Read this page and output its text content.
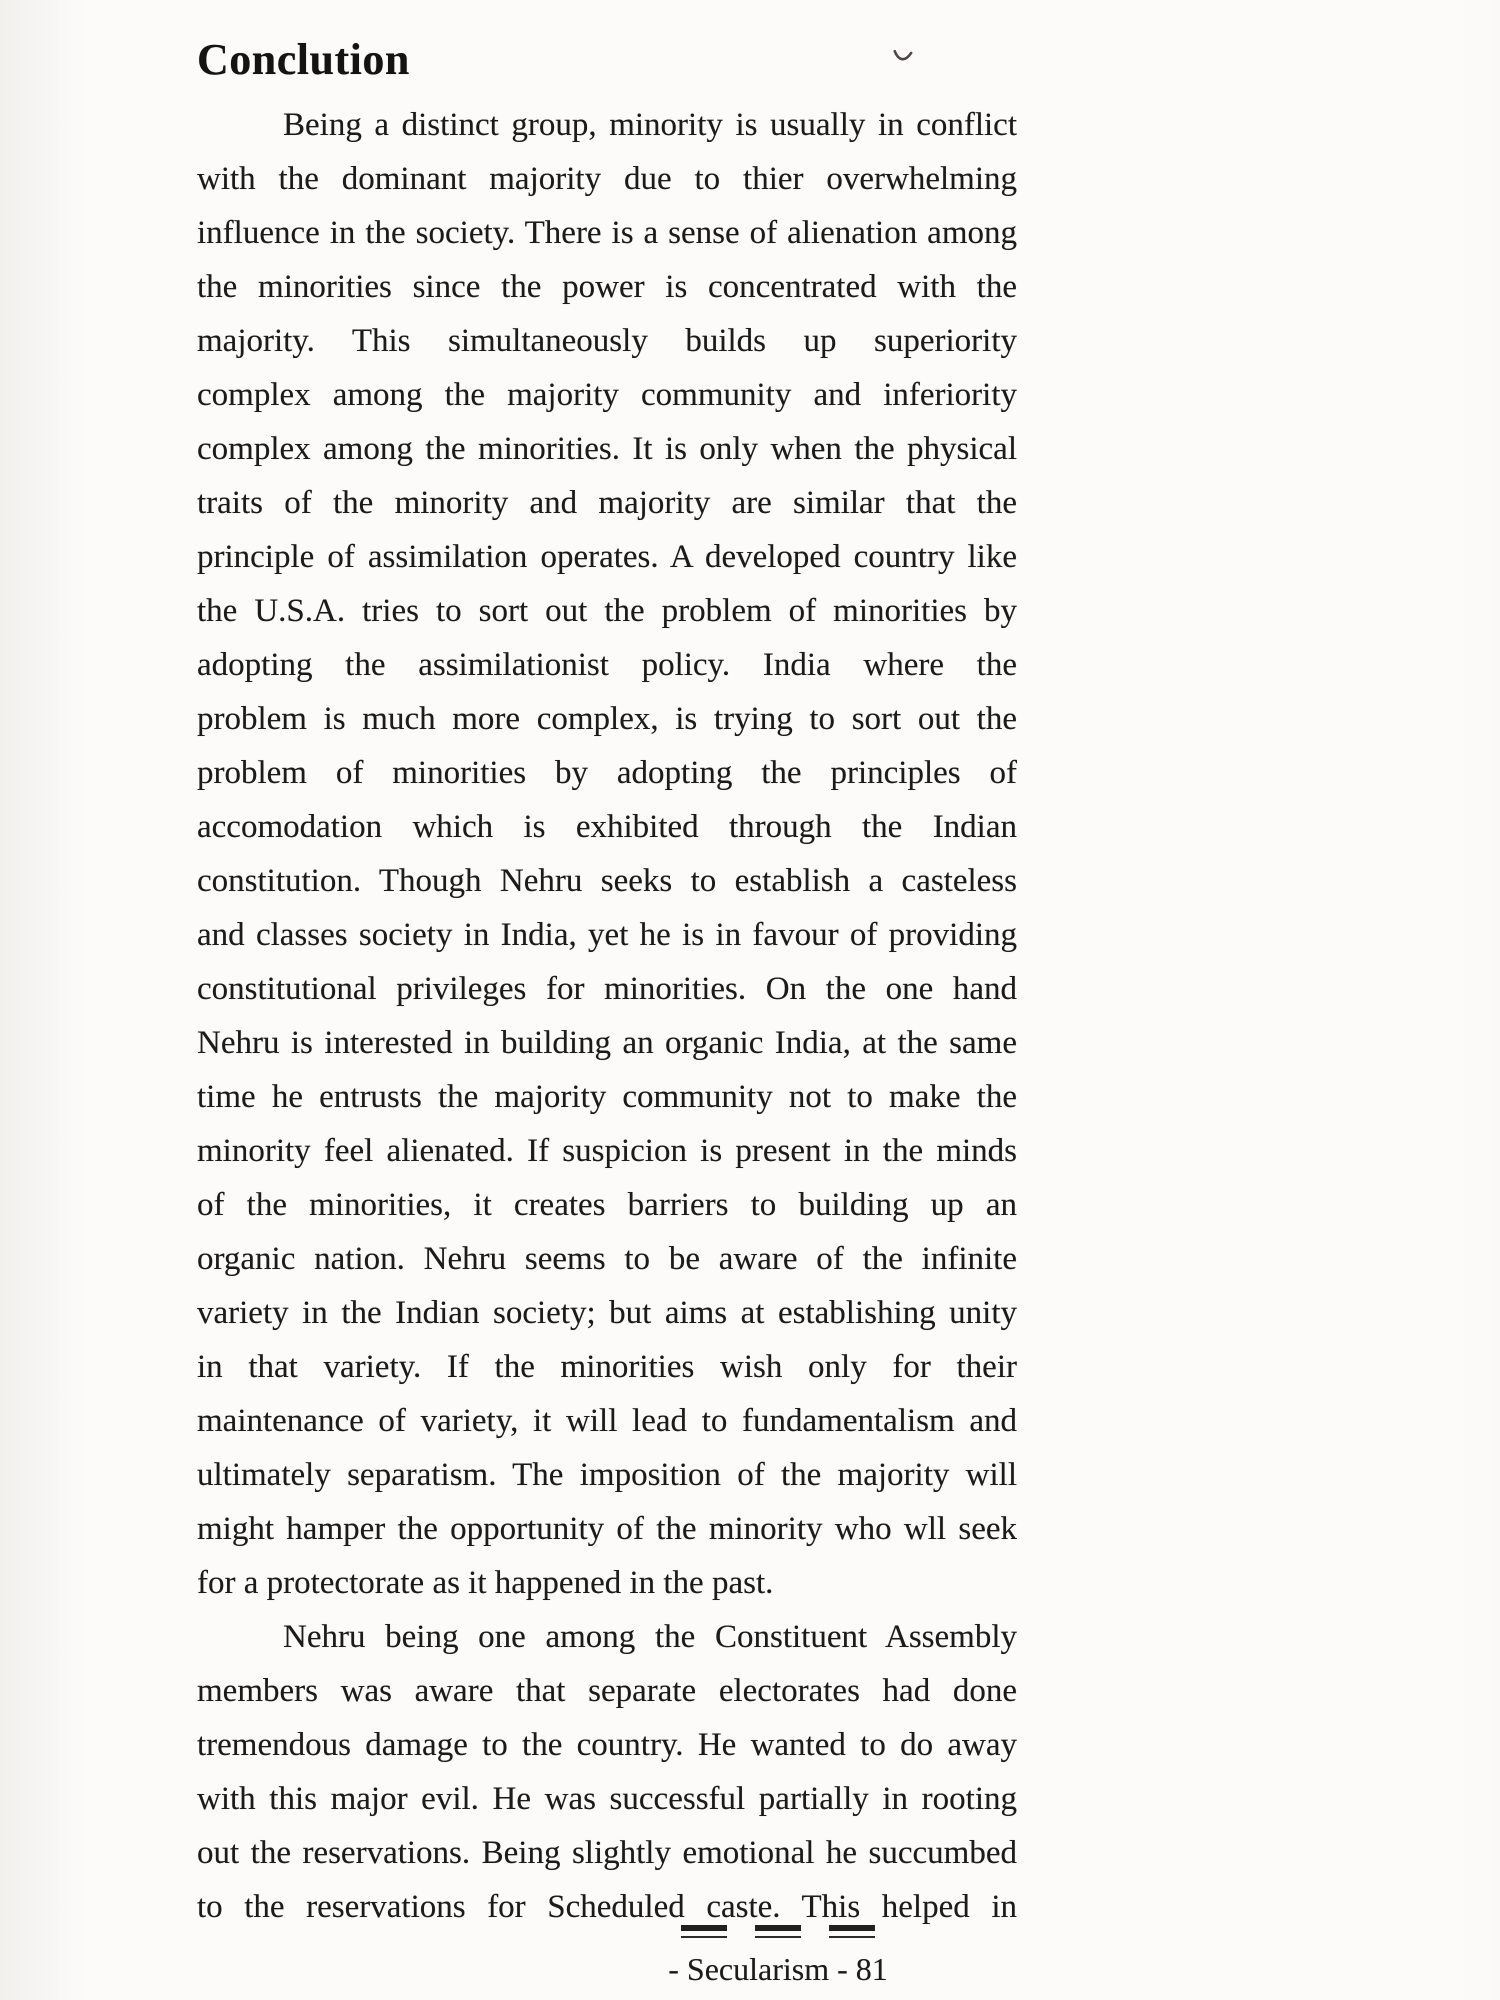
Conclution
Being a distinct group, minority is usually in conflict
with the dominant majority due to thier overwhelming
influence in the society. There is a sense of alienation among
the minorities since the power is concentrated with the
majority. This simultaneously builds up superiority
complex among the majority community and inferiority
complex among the minorities. It is only when the physical
traits of the minority and majority are similar that the
principle of assimilation operates. A developed country like
the U.S.A. tries to sort out the problem of minorities by
adopting the assimilationist policy. India where the
problem is much more complex, is trying to sort out the
problem of minorities by adopting the principles of
accomodation which is exhibited through the Indian
constitution. Though Nehru seeks to establish a casteless
and classes society in India, yet he is in favour of providing
constitutional privileges for minorities. On the one hand
Nehru is interested in building an organic India, at the same
time he entrusts the majority community not to make the
minority feel alienated. If suspicion is present in the minds
of the minorities, it creates barriers to building up an
organic nation. Nehru seems to be aware of the infinite
variety in the Indian society; but aims at establishing unity
in that variety. If the minorities wish only for their
maintenance of variety, it will lead to fundamentalism and
ultimately separatism. The imposition of the majority will
might hamper the opportunity of the minority who wll seek
for a protectorate as it happened in the past.
Nehru being one among the Constituent Assembly
members was aware that separate electorates had done
tremendous damage to the country. He wanted to do away
with this major evil. He was successful partially in rooting
out the reservations. Being slightly emotional he succumbed
to the reservations for Scheduled caste. This helped in
- Secularism - 81
